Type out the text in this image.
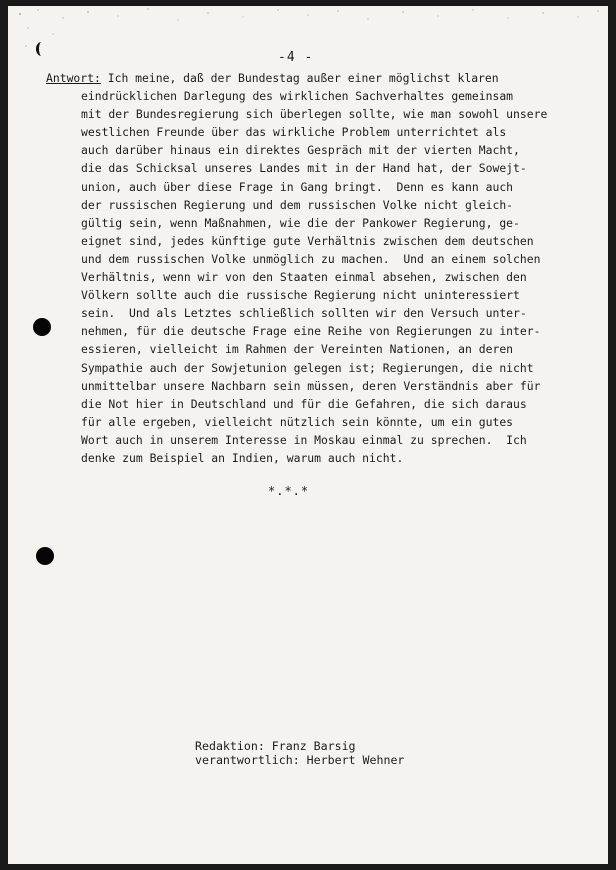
-4 -
Antwort: Ich meine, daß der Bundestag außer einer möglichst klaren
eindrücklichen Darlegung des wirklichen Sachverhaltes gemeinsam
mit der Bundesregierung sich überlegen sollte, wie man sowohl unsere
westlichen Freunde über das wirkliche Problem unterrichtet als
auch darüber hinaus ein direktes Gespräch mit der vierten Macht,
die das Schicksal unseres Landes mit in der Hand hat, der Sowejt-
union, auch über diese Frage in Gang bringt.  Denn es kann auch
der russischen Regierung und dem russischen Volke nicht gleich-
gültig sein, wenn Maßnahmen, wie die der Pankower Regierung, ge-
eignet sind, jedes künftige gute Verhältnis zwischen dem deutschen
und dem russischen Volke unmöglich zu machen.  Und an einem solchen
Verhältnis, wenn wir von den Staaten einmal absehen, zwischen den
Völkern sollte auch die russische Regierung nicht uninteressiert
sein.  Und als Letztes schließlich sollten wir den Versuch unter-
nehmen, für die deutsche Frage eine Reihe von Regierungen zu inter-
essieren, vielleicht im Rahmen der Vereinten Nationen, an deren
Sympathie auch der Sowjetunion gelegen ist; Regierungen, die nicht
unmittelbar unsere Nachbarn sein müssen, deren Verständnis aber für
die Not hier in Deutschland und für die Gefahren, die sich daraus
für alle ergeben, vielleicht nützlich sein könnte, um ein gutes
Wort auch in unserem Interesse in Moskau einmal zu sprechen.  Ich
denke zum Beispiel an Indien, warum auch nicht.
*.*.*
Redaktion: Franz Barsig
verantwortlich: Herbert Wehner
